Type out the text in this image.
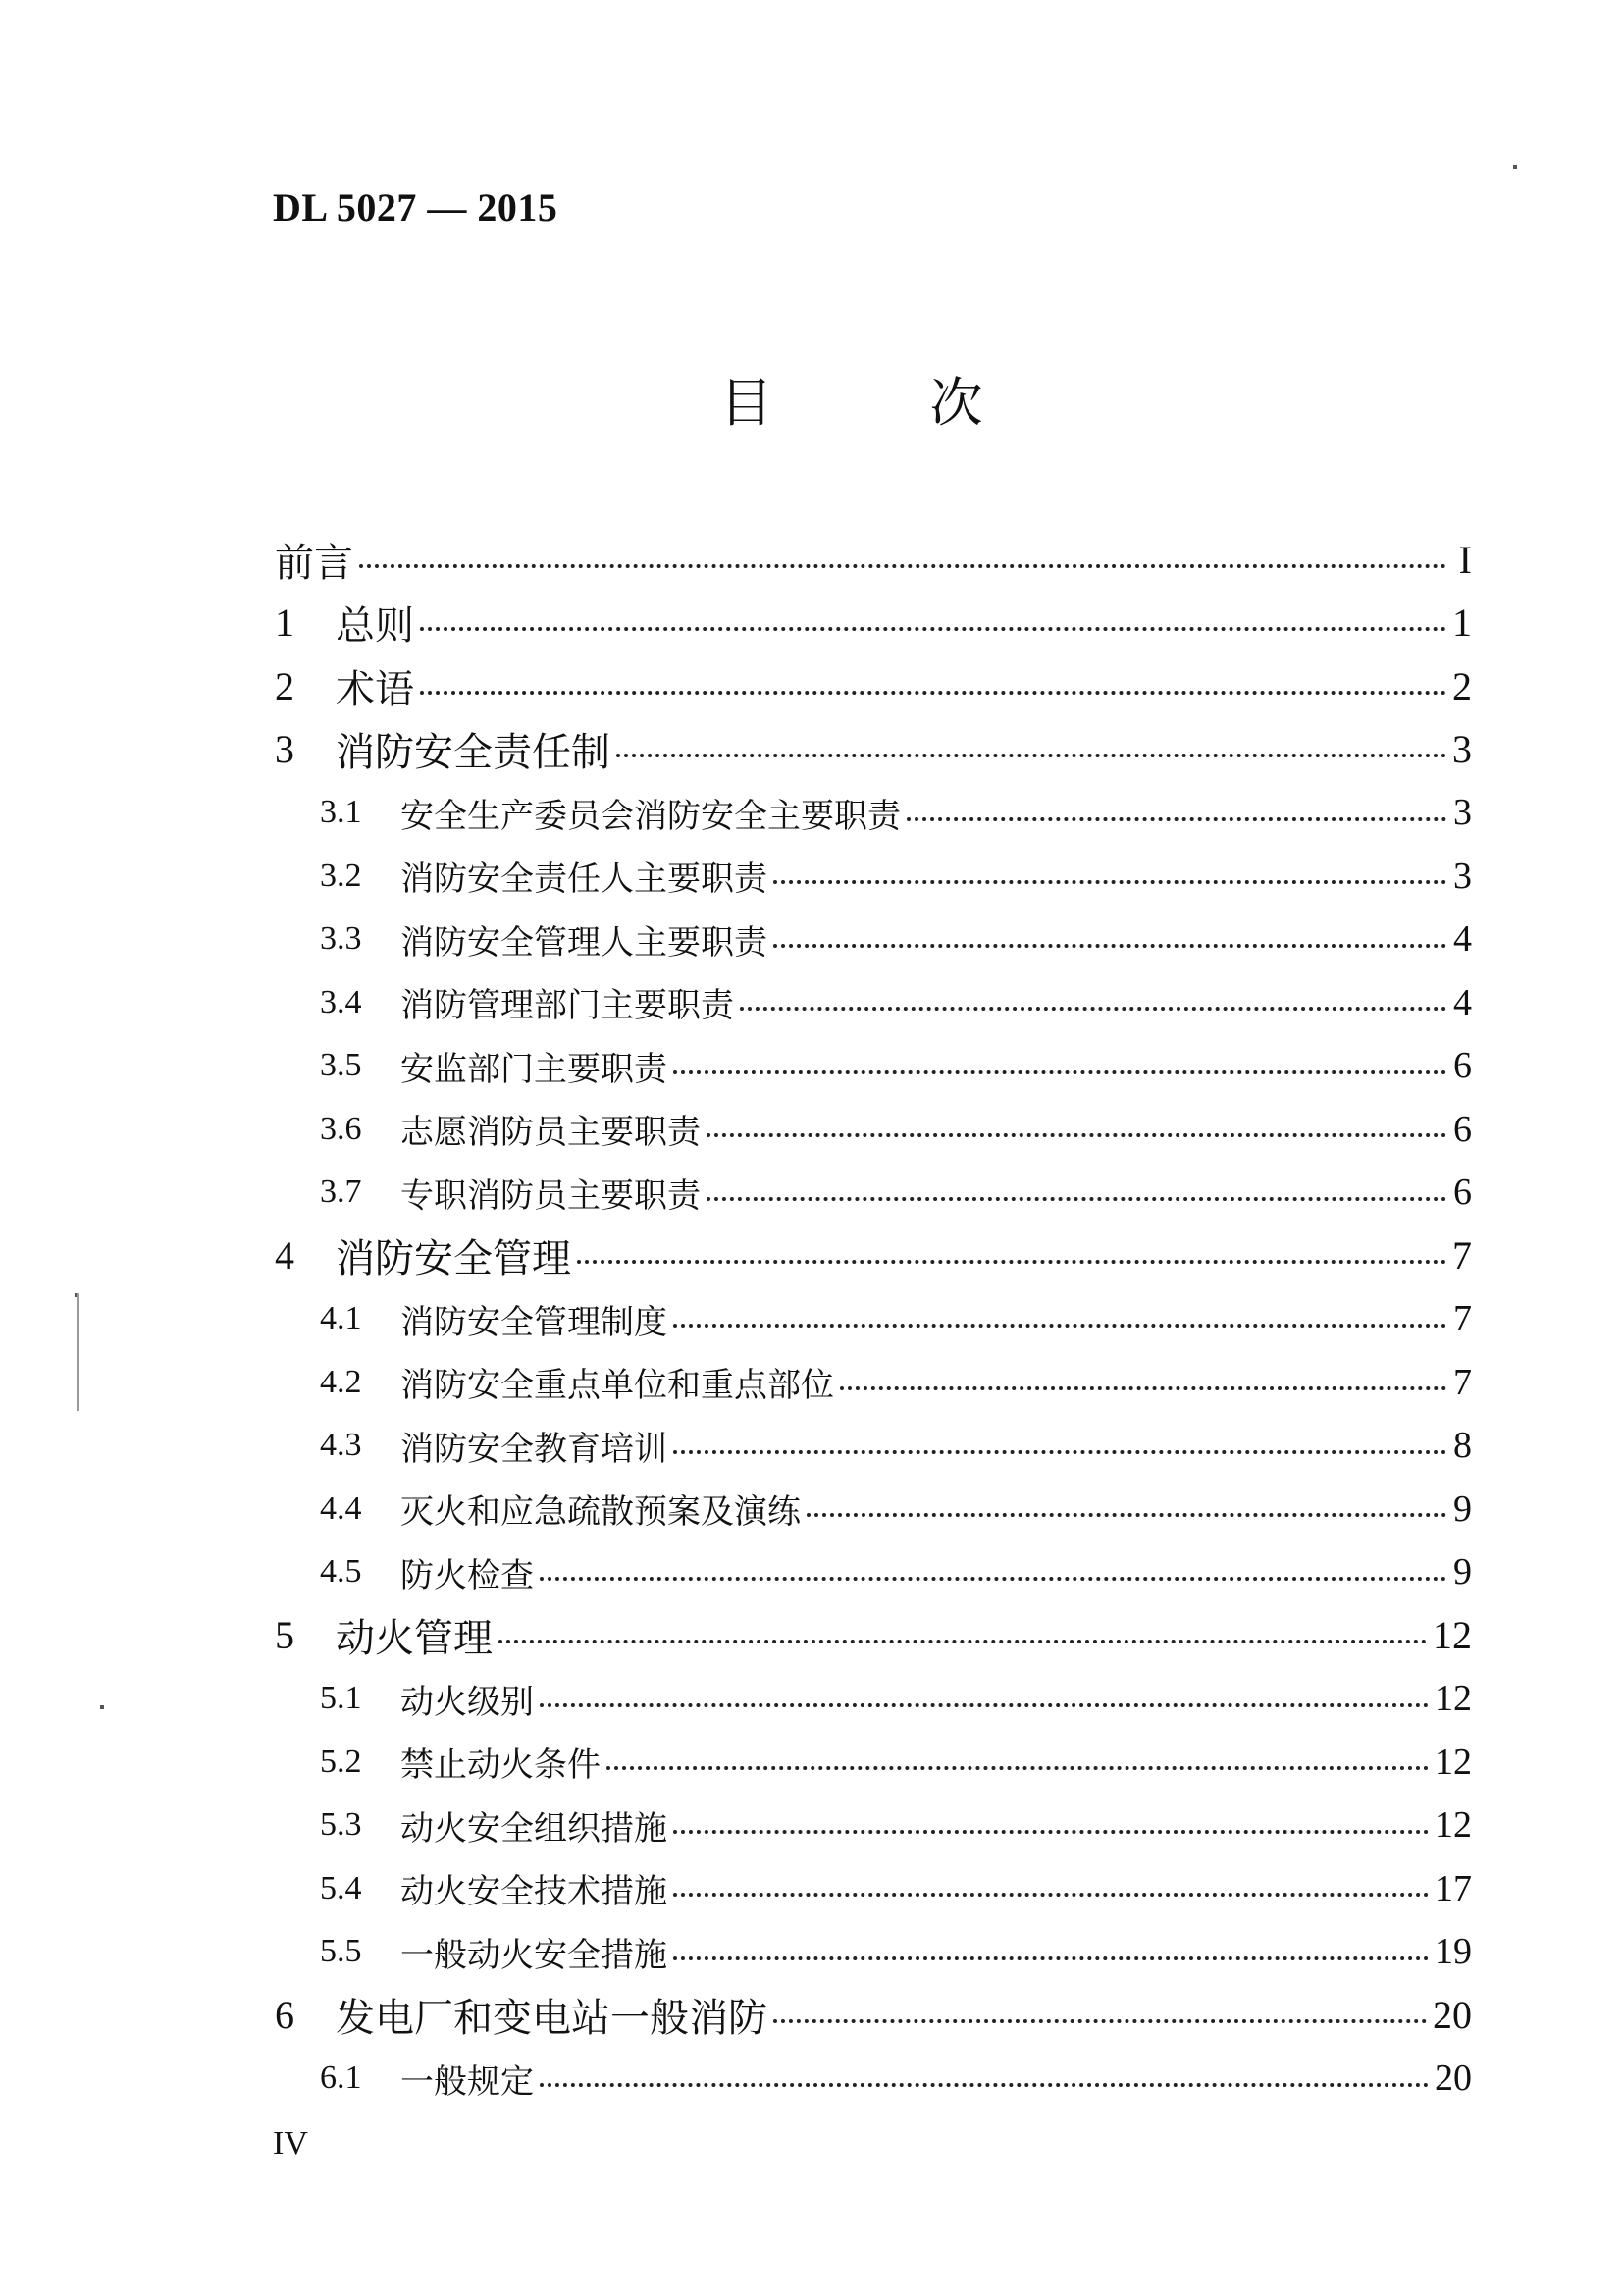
DL 5027 — 2015
目	次
前言	I
1	总则	1
2	术语	2
3	消防安全责任制	3
3.1	安全生产委员会消防安全主要职责	3
3.2	消防安全责任人主要职责	3
3.3	消防安全管理人主要职责	4
3.4	消防管理部门主要职责	4
3.5	安监部门主要职责	6
3.6	志愿消防员主要职责	6
3.7	专职消防员主要职责	6
4	消防安全管理	7
4.1	消防安全管理制度	7
4.2	消防安全重点单位和重点部位	7
4.3	消防安全教育培训	8
4.4	灭火和应急疏散预案及演练	9
4.5	防火检查	9
5	动火管理	12
5.1	动火级别	12
5.2	禁止动火条件	12
5.3	动火安全组织措施	12
5.4	动火安全技术措施	17
5.5	一般动火安全措施	19
6	发电厂和变电站一般消防	20
6.1	一般规定	20
IV
